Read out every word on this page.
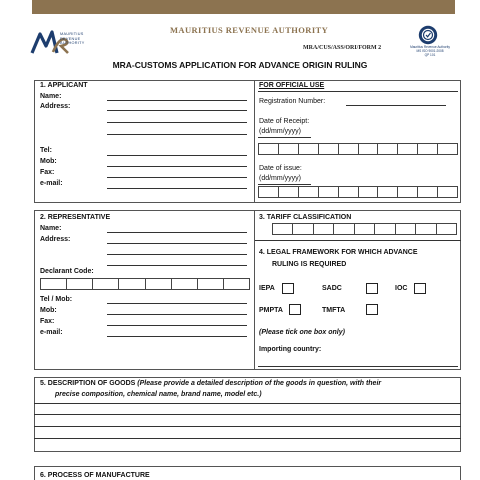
MAURITIUS
REVENUE
AUTHORITY
MAURITIUS REVENUE AUTHORITY
MRA/CUS/ASS/ORI/FORM 2	Mauritius Revenue Authority
MS ISO 9001:2008
QP 101
MRA-CUSTOMS APPLICATION FOR ADVANCE ORIGIN RULING
1. APPLICANT
Name:
Address:
Tel:
Mob:
Fax:
e-mail:
FOR OFFICIAL USE
Registration Number:
Date of Receipt:
(dd/mm/yyyy)
Date of issue:
(dd/mm/yyyy)
2. REPRESENTATIVE
Name:
Address:
Declarant Code:
Tel / Mob:
Mob:
Fax:
e-mail:
3. TARIFF CLASSIFICATION
4. LEGAL FRAMEWORK FOR WHICH ADVANCE
RULING IS REQUIRED
IEPA	SADC	IOC
PMPTA	TMFTA
(Please tick one box only)
Importing country:
5. DESCRIPTION OF GOODS (Please provide a detailed description of the goods in question, with their
precise composition, chemical name, brand name, model etc.)
6. PROCESS OF MANUFACTURE
